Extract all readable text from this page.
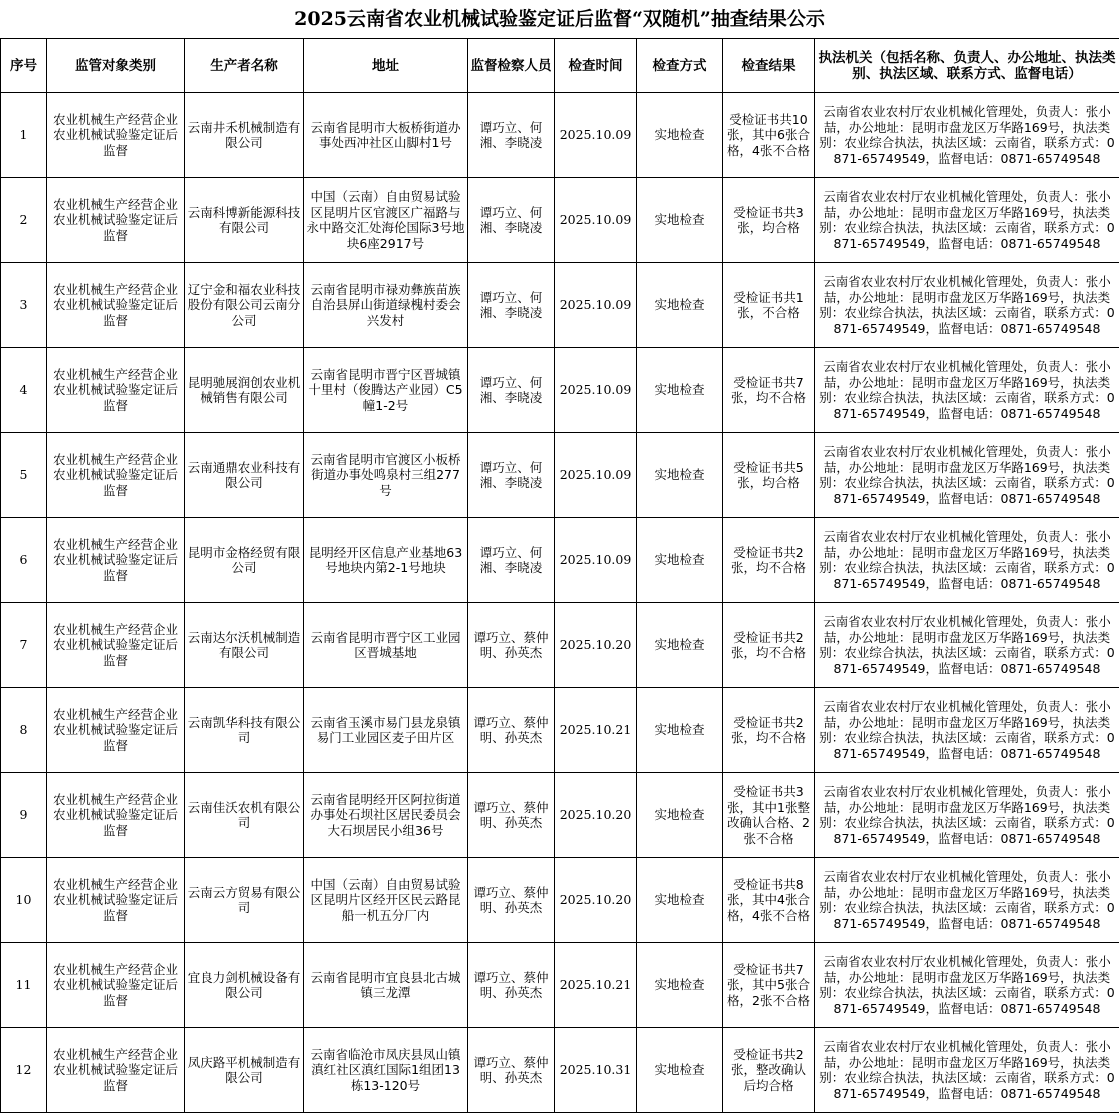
2025云南省农业机械试验鉴定证后监督“双随机”抽查结果公示
序号	监管对象类别	生产者名称	地址	监督检察人员	检查时间	检查方式	检查结果	执法机关（包括名称、负责人、办公地址、执法类别、执法区域、联系方式、监督电话）
1	农业机械生产经营企业农业机械试验鉴定证后监督	云南井禾机械制造有限公司	云南省昆明市大板桥街道办事处西冲社区山脚村1号	谭巧立、何湘、李晓凌	2025.10.09	实地检查	受检证书共10张，其中6张合格，4张不合格	云南省农业农村厅农业机械化管理处，负责人：张小喆，办公地址：昆明市盘龙区万华路169号，执法类别：农业综合执法，执法区域：云南省，联系方式：0871-65749549，监督电话：0871-65749548
2	农业机械生产经营企业农业机械试验鉴定证后监督	云南科博新能源科技有限公司	中国（云南）自由贸易试验区昆明片区官渡区广福路与永中路交汇处海伦国际3号地块6座2917号	谭巧立、何湘、李晓凌	2025.10.09	实地检查	受检证书共3张，均合格	云南省农业农村厅农业机械化管理处，负责人：张小喆，办公地址：昆明市盘龙区万华路169号，执法类别：农业综合执法，执法区域：云南省，联系方式：0871-65749549，监督电话：0871-65749548
3	农业机械生产经营企业农业机械试验鉴定证后监督	辽宁金和福农业科技股份有限公司云南分公司	云南省昆明市禄劝彝族苗族自治县屏山街道绿槐村委会兴发村	谭巧立、何湘、李晓凌	2025.10.09	实地检查	受检证书共1张，不合格	云南省农业农村厅农业机械化管理处，负责人：张小喆，办公地址：昆明市盘龙区万华路169号，执法类别：农业综合执法，执法区域：云南省，联系方式：0871-65749549，监督电话：0871-65749548
4	农业机械生产经营企业农业机械试验鉴定证后监督	昆明驰展润创农业机械销售有限公司	云南省昆明市晋宁区晋城镇十里村（俊腾达产业园）C5幢1-2号	谭巧立、何湘、李晓凌	2025.10.09	实地检查	受检证书共7张，均不合格	云南省农业农村厅农业机械化管理处，负责人：张小喆，办公地址：昆明市盘龙区万华路169号，执法类别：农业综合执法，执法区域：云南省，联系方式：0871-65749549，监督电话：0871-65749548
5	农业机械生产经营企业农业机械试验鉴定证后监督	云南通鼎农业科技有限公司	云南省昆明市官渡区小板桥街道办事处鸣泉村三组277号	谭巧立、何湘、李晓凌	2025.10.09	实地检查	受检证书共5张，均合格	云南省农业农村厅农业机械化管理处，负责人：张小喆，办公地址：昆明市盘龙区万华路169号，执法类别：农业综合执法，执法区域：云南省，联系方式：0871-65749549，监督电话：0871-65749548
6	农业机械生产经营企业农业机械试验鉴定证后监督	昆明市金格经贸有限公司	昆明经开区信息产业基地63号地块内第2-1号地块	谭巧立、何湘、李晓凌	2025.10.09	实地检查	受检证书共2张，均不合格	云南省农业农村厅农业机械化管理处，负责人：张小喆，办公地址：昆明市盘龙区万华路169号，执法类别：农业综合执法，执法区域：云南省，联系方式：0871-65749549，监督电话：0871-65749548
7	农业机械生产经营企业农业机械试验鉴定证后监督	云南达尔沃机械制造有限公司	云南省昆明市晋宁区工业园区晋城基地	谭巧立、蔡仲明、孙英杰	2025.10.20	实地检查	受检证书共2张，均不合格	云南省农业农村厅农业机械化管理处，负责人：张小喆，办公地址：昆明市盘龙区万华路169号，执法类别：农业综合执法，执法区域：云南省，联系方式：0871-65749549，监督电话：0871-65749548
8	农业机械生产经营企业农业机械试验鉴定证后监督	云南凯华科技有限公司	云南省玉溪市易门县龙泉镇易门工业园区麦子田片区	谭巧立、蔡仲明、孙英杰	2025.10.21	实地检查	受检证书共2张，均不合格	云南省农业农村厅农业机械化管理处，负责人：张小喆，办公地址：昆明市盘龙区万华路169号，执法类别：农业综合执法，执法区域：云南省，联系方式：0871-65749549，监督电话：0871-65749548
9	农业机械生产经营企业农业机械试验鉴定证后监督	云南佳沃农机有限公司	云南省昆明经开区阿拉街道办事处石坝社区居民委员会大石坝居民小组36号	谭巧立、蔡仲明、孙英杰	2025.10.20	实地检查	受检证书共3张，其中1张整改确认合格、2张不合格	云南省农业农村厅农业机械化管理处，负责人：张小喆，办公地址：昆明市盘龙区万华路169号，执法类别：农业综合执法，执法区域：云南省，联系方式：0871-65749549，监督电话：0871-65749548
10	农业机械生产经营企业农业机械试验鉴定证后监督	云南云方贸易有限公司	中国（云南）自由贸易试验区昆明片区经开区民云路昆船一机五分厂内	谭巧立、蔡仲明、孙英杰	2025.10.20	实地检查	受检证书共8张，其中4张合格，4张不合格	云南省农业农村厅农业机械化管理处，负责人：张小喆，办公地址：昆明市盘龙区万华路169号，执法类别：农业综合执法，执法区域：云南省，联系方式：0871-65749549，监督电话：0871-65749548
11	农业机械生产经营企业农业机械试验鉴定证后监督	宜良力剑机械设备有限公司	云南省昆明市宜良县北古城镇三龙潭	谭巧立、蔡仲明、孙英杰	2025.10.21	实地检查	受检证书共7张，其中5张合格，2张不合格	云南省农业农村厅农业机械化管理处，负责人：张小喆，办公地址：昆明市盘龙区万华路169号，执法类别：农业综合执法，执法区域：云南省，联系方式：0871-65749549，监督电话：0871-65749548
12	农业机械生产经营企业农业机械试验鉴定证后监督	凤庆路平机械制造有限公司	云南省临沧市凤庆县凤山镇滇红社区滇红国际1组团13栋13-120号	谭巧立、蔡仲明、孙英杰	2025.10.31	实地检查	受检证书共2张，整改确认后均合格	云南省农业农村厅农业机械化管理处，负责人：张小喆，办公地址：昆明市盘龙区万华路169号，执法类别：农业综合执法，执法区域：云南省，联系方式：0871-65749549，监督电话：0871-65749548
